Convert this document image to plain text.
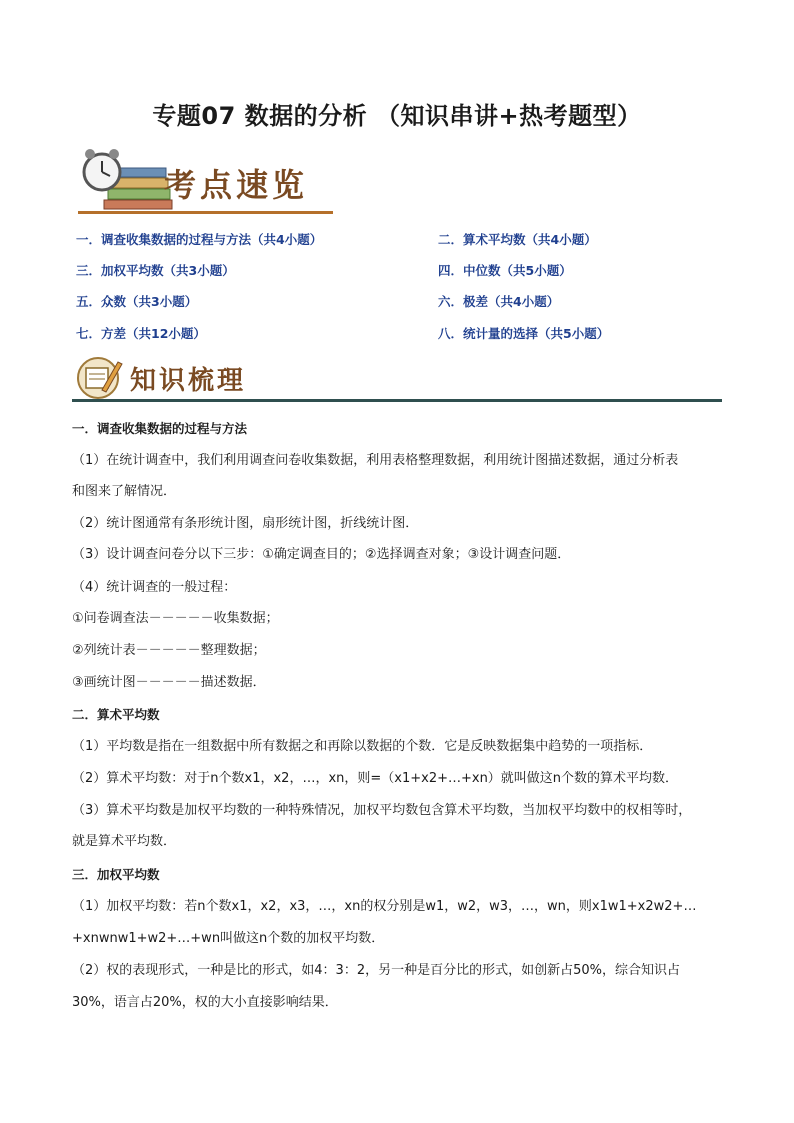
专题07 数据的分析 （知识串讲+热考题型）
考点速览
一．调查收集数据的过程与方法（共4小题）	二．算术平均数（共4小题）
三．加权平均数（共3小题）	四．中位数（共5小题）
五．众数（共3小题）	六．极差（共4小题）
七．方差（共12小题）	八．统计量的选择（共5小题）
知识梳理
一．调查收集数据的过程与方法
（1）在统计调查中，我们利用调查问卷收集数据，利用表格整理数据，利用统计图描述数据，通过分析表
和图来了解情况．
（2）统计图通常有条形统计图，扇形统计图，折线统计图．
（3）设计调查问卷分以下三步：①确定调查目的；②选择调查对象；③设计调查问题．
（4）统计调查的一般过程：
①问卷调查法－－－－－收集数据；
②列统计表－－－－－整理数据；
③画统计图－－－－－描述数据．
二．算术平均数
（1）平均数是指在一组数据中所有数据之和再除以数据的个数．它是反映数据集中趋势的一项指标．
（2）算术平均数：对于n个数x1，x2，…，xn，则=（x1+x2+…+xn）就叫做这n个数的算术平均数．
（3）算术平均数是加权平均数的一种特殊情况，加权平均数包含算术平均数，当加权平均数中的权相等时，
就是算术平均数．
三．加权平均数
（1）加权平均数：若n个数x1，x2，x3，…，xn的权分别是w1，w2，w3，…，wn，则x1w1+x2w2+…
+xnwnw1+w2+…+wn叫做这n个数的加权平均数．
（2）权的表现形式，一种是比的形式，如4：3：2，另一种是百分比的形式，如创新占50%，综合知识占
30%，语言占20%，权的大小直接影响结果．
